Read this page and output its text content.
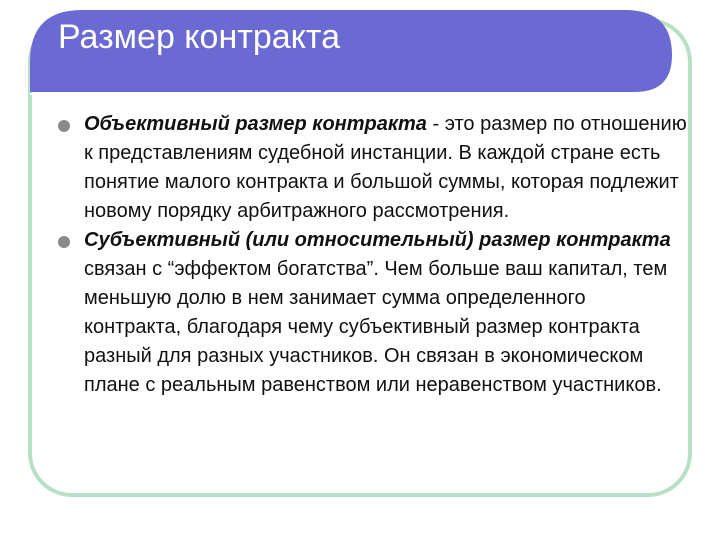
Размер контракта
Объективный размер контракта - это размер по отношению к представлениям судебной инстанции. В каждой стране есть понятие малого контракта и большой суммы, которая подлежит новому порядку арбитражного рассмотрения.
Субъективный (или относительный) размер контракта связан с “эффектом богатства”. Чем больше ваш капитал, тем меньшую долю в нем занимает сумма определенного контракта, благодаря чему субъективный размер контракта разный для разных участников. Он связан в экономическом плане с реальным равенством или неравенством участников.
